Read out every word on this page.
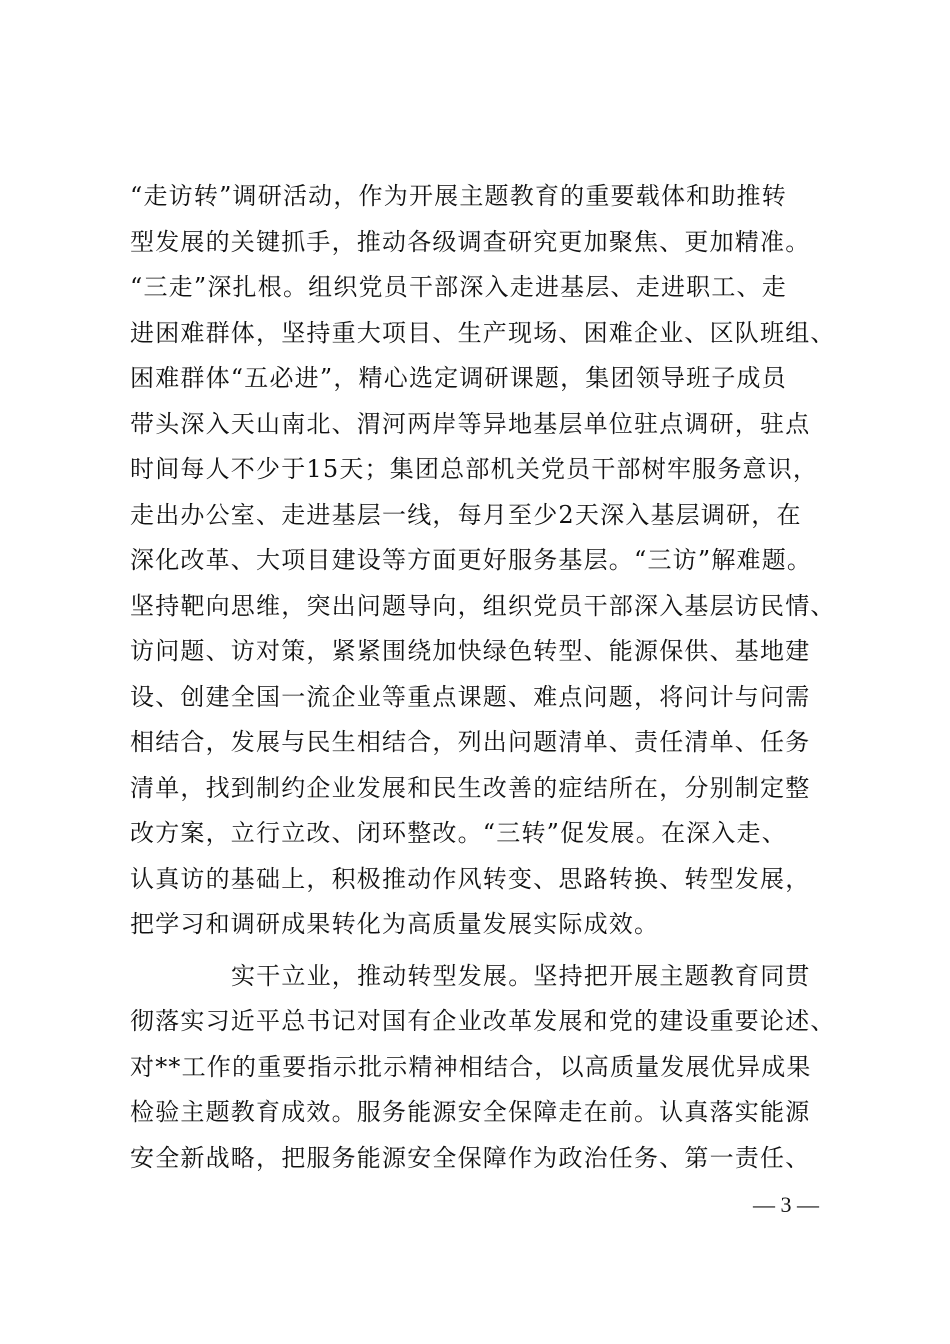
“走访转”调研活动，作为开展主题教育的重要载体和助推转
型发展的关键抓手，推动各级调查研究更加聚焦、更加精准。
“三走”深扎根。组织党员干部深入走进基层、走进职工、走
进困难群体，坚持重大项目、生产现场、困难企业、区队班组、
困难群体“五必进”，精心选定调研课题，集团领导班子成员
带头深入天山南北、渭河两岸等异地基层单位驻点调研，驻点
时间每人不少于15天；集团总部机关党员干部树牢服务意识，
走出办公室、走进基层一线，每月至少2天深入基层调研，在
深化改革、大项目建设等方面更好服务基层。“三访”解难题。
坚持靶向思维，突出问题导向，组织党员干部深入基层访民情、
访问题、访对策，紧紧围绕加快绿色转型、能源保供、基地建
设、创建全国一流企业等重点课题、难点问题，将问计与问需
相结合，发展与民生相结合，列出问题清单、责任清单、任务
清单，找到制约企业发展和民生改善的症结所在，分别制定整
改方案，立行立改、闭环整改。“三转”促发展。在深入走、
认真访的基础上，积极推动作风转变、思路转换、转型发展，
把学习和调研成果转化为高质量发展实际成效。
实干立业，推动转型发展。坚持把开展主题教育同贯
彻落实习近平总书记对国有企业改革发展和党的建设重要论述、
对**工作的重要指示批示精神相结合，以高质量发展优异成果
检验主题教育成效。服务能源安全保障走在前。认真落实能源
安全新战略，把服务能源安全保障作为政治任务、第一责任、
— 3 —
